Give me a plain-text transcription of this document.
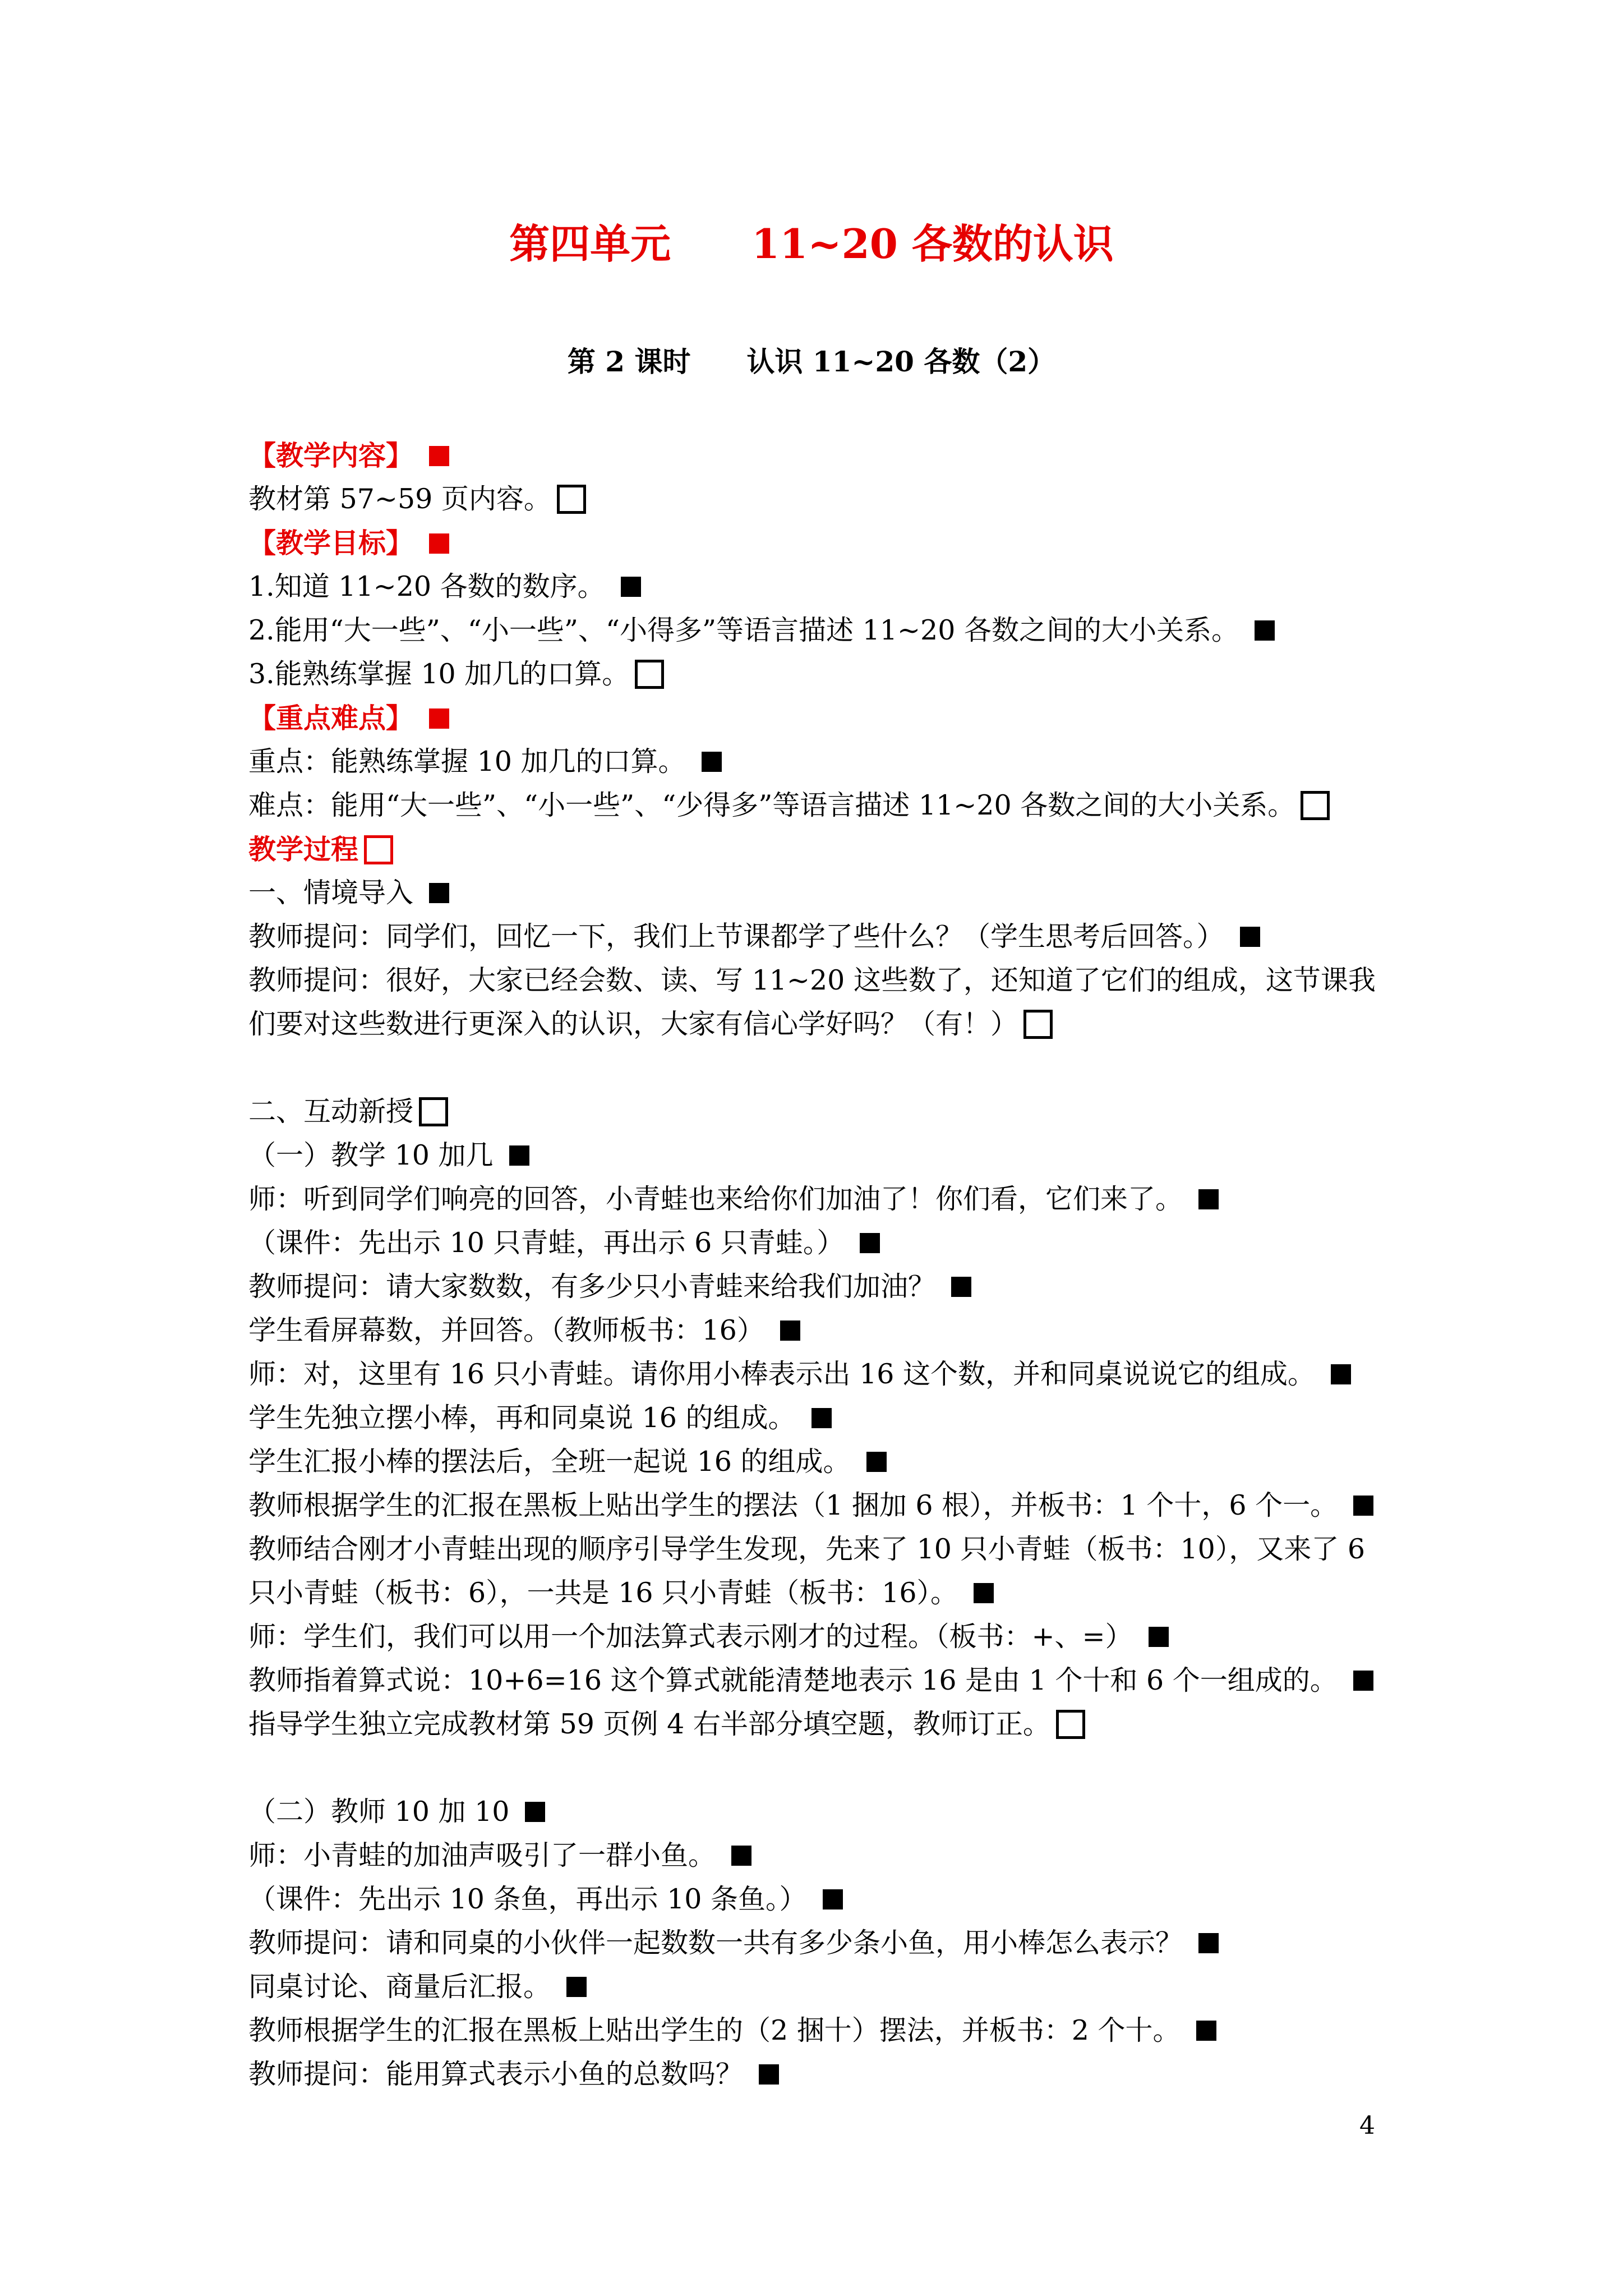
第四单元　　11~20 各数的认识
第 2 课时　　认识 11~20 各数（2）
【教学内容】
教材第 57~59 页内容。
【教学目标】
1.知道 11~20 各数的数序。
2.能用“大一些”、“小一些”、“小得多”等语言描述 11~20 各数之间的大小关系。
3.能熟练掌握 10 加几的口算。
【重点难点】
重点：能熟练掌握 10 加几的口算。
难点：能用“大一些”、“小一些”、“少得多”等语言描述 11~20 各数之间的大小关系。
教学过程
一、情境导入
教师提问：同学们，回忆一下，我们上节课都学了些什么？（学生思考后回答。）
教师提问：很好，大家已经会数、读、写 11~20 这些数了，还知道了它们的组成，这节课我
们要对这些数进行更深入的认识，大家有信心学好吗？（有！）
二、互动新授
（一）教学 10 加几
师：听到同学们响亮的回答，小青蛙也来给你们加油了！你们看，它们来了。
（课件：先出示 10 只青蛙，再出示 6 只青蛙。）
教师提问：请大家数数，有多少只小青蛙来给我们加油？
学生看屏幕数，并回答。（教师板书：16）
师：对，这里有 16 只小青蛙。请你用小棒表示出 16 这个数，并和同桌说说它的组成。
学生先独立摆小棒，再和同桌说 16 的组成。
学生汇报小棒的摆法后，全班一起说 16 的组成。
教师根据学生的汇报在黑板上贴出学生的摆法（1 捆加 6 根），并板书：1 个十，6 个一。
教师结合刚才小青蛙出现的顺序引导学生发现，先来了 10 只小青蛙（板书：10），又来了 6
只小青蛙（板书：6），一共是 16 只小青蛙（板书：16）。
师：学生们，我们可以用一个加法算式表示刚才的过程。（板书：+、=）
教师指着算式说：10+6=16 这个算式就能清楚地表示 16 是由 1 个十和 6 个一组成的。
指导学生独立完成教材第 59 页例 4 右半部分填空题，教师订正。
（二）教师 10 加 10
师：小青蛙的加油声吸引了一群小鱼。
（课件：先出示 10 条鱼，再出示 10 条鱼。）
教师提问：请和同桌的小伙伴一起数数一共有多少条小鱼，用小棒怎么表示？
同桌讨论、商量后汇报。
教师根据学生的汇报在黑板上贴出学生的（2 捆十）摆法，并板书：2 个十。
教师提问：能用算式表示小鱼的总数吗？
4
